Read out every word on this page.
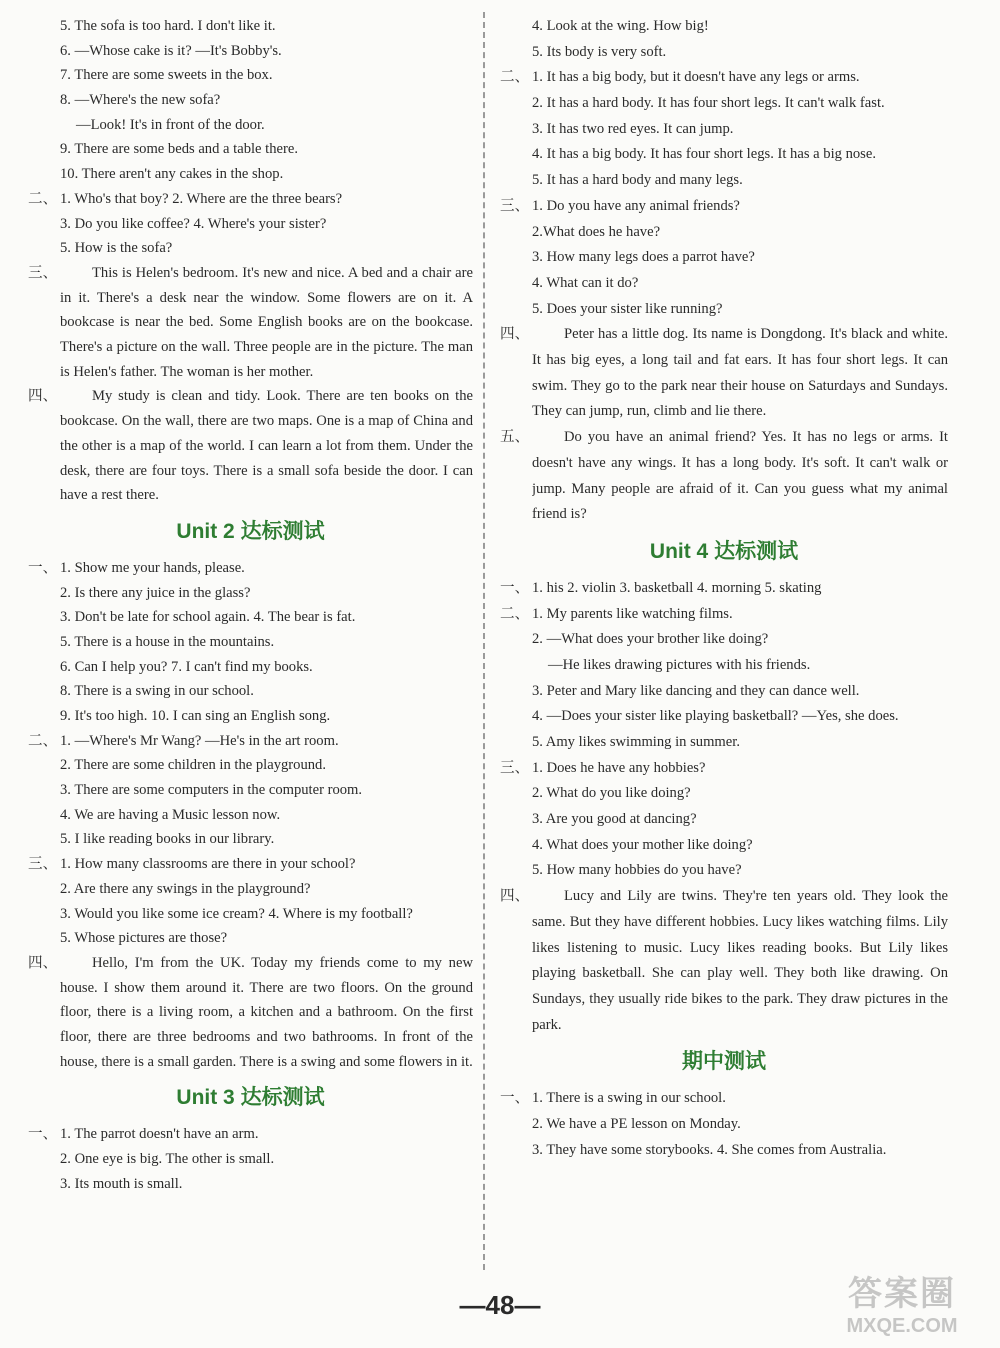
5. The sofa is too hard. I don't like it.
6. —Whose cake is it? —It's Bobby's.
7. There are some sweets in the box.
8. —Where's the new sofa?
—Look! It's in front of the door.
9. There are some beds and a table there.
10. There aren't any cakes in the shop.
二、 1. Who's that boy? 2. Where are the three bears?
3. Do you like coffee? 4. Where's your sister?
5. How is the sofa?
三、	This is Helen's bedroom. It's new and nice. A bed and a chair are in it. There's a desk near the window. Some flowers are on it. A bookcase is near the bed. Some English books are on the bookcase. There's a picture on the wall. Three people are in the picture. The man is Helen's father. The woman is her mother.
四、	My study is clean and tidy. Look. There are ten books on the bookcase. On the wall, there are two maps. One is a map of China and the other is a map of the world. I can learn a lot from them. Under the desk, there are four toys. There is a small sofa beside the door. I can have a rest there.
Unit 2 达标测试
一、 1. Show me your hands, please.
2. Is there any juice in the glass?
3. Don't be late for school again. 4. The bear is fat.
5. There is a house in the mountains.
6. Can I help you? 7. I can't find my books.
8. There is a swing in our school.
9. It's too high. 10. I can sing an English song.
二、 1. —Where's Mr Wang? —He's in the art room.
2. There are some children in the playground.
3. There are some computers in the computer room.
4. We are having a Music lesson now.
5. I like reading books in our library.
三、 1. How many classrooms are there in your school?
2. Are there any swings in the playground?
3. Would you like some ice cream? 4. Where is my football?
5. Whose pictures are those?
四、	Hello, I'm from the UK. Today my friends come to my new house. I show them around it. There are two floors. On the ground floor, there is a living room, a kitchen and a bathroom. On the first floor, there are three bedrooms and two bathrooms. In front of the house, there is a small garden. There is a swing and some flowers in it.
Unit 3 达标测试
一、 1. The parrot doesn't have an arm.
2. One eye is big. The other is small.
3. Its mouth is small.
4. Look at the wing. How big!
5. Its body is very soft.
二、 1. It has a big body, but it doesn't have any legs or arms.
2. It has a hard body. It has four short legs. It can't walk fast.
3. It has two red eyes. It can jump.
4. It has a big body. It has four short legs. It has a big nose.
5. It has a hard body and many legs.
三、 1. Do you have any animal friends?
2.What does he have?
3. How many legs does a parrot have?
4. What can it do?
5. Does your sister like running?
四、	Peter has a little dog. Its name is Dongdong. It's black and white. It has big eyes, a long tail and fat ears. It has four short legs. It can swim. They go to the park near their house on Saturdays and Sundays. They can jump, run, climb and lie there.
五、	Do you have an animal friend? Yes. It has no legs or arms. It doesn't have any wings. It has a long body. It's soft. It can't walk or jump. Many people are afraid of it. Can you guess what my animal friend is?
Unit 4 达标测试
一、 1. his 2. violin 3. basketball 4. morning 5. skating
二、 1. My parents like watching films.
2. —What does your brother like doing?
—He likes drawing pictures with his friends.
3. Peter and Mary like dancing and they can dance well.
4. —Does your sister like playing basketball? —Yes, she does.
5. Amy likes swimming in summer.
三、 1. Does he have any hobbies?
2. What do you like doing?
3. Are you good at dancing?
4. What does your mother like doing?
5. How many hobbies do you have?
四、	Lucy and Lily are twins. They're ten years old. They look the same. But they have different hobbies. Lucy likes watching films. Lily likes listening to music. Lucy likes reading books. But Lily likes playing basketball. She can play well. They both like drawing. On Sundays, they usually ride bikes to the park. They draw pictures in the park.
期中测试
一、 1. There is a swing in our school.
2. We have a PE lesson on Monday.
3. They have some storybooks. 4. She comes from Australia.
—48—	答案圈
MXQE.COM
